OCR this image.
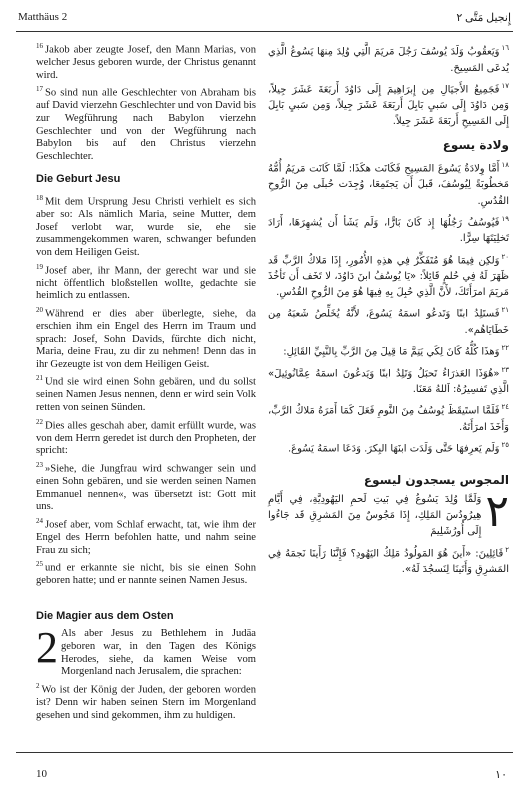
Matthäus 2	إِنجيل مَتَّى ٢

$^{16}$ Jakob aber zeugte Josef, den Mann Marias, von welcher Jesus geboren wurde, der Christus genannt wird.

$^{17}$ So sind nun alle Geschlechter von Abraham bis auf David vierzehn Geschlechter und von David bis zur Wegführung nach Babylon vierzehn Geschlechter und von der Wegführung nach Babylon bis auf den Christus vierzehn Geschlechter.

Die Geburt Jesu

$^{18}$ Mit dem Ursprung Jesu Christi verhielt es sich aber so: Als nämlich Maria, seine Mutter, dem Josef verlobt war, wurde sie, ehe sie zusammengekommen waren, schwanger befunden von dem Heiligen Geist.

$^{19}$ Josef aber, ihr Mann, der gerecht war und sie nicht öffentlich bloßstellen wollte, gedachte sie heimlich zu entlassen.

$^{20}$ Während er dies aber überlegte, siehe, da erschien ihm ein Engel des Herrn im Traum und sprach: Josef, Sohn Davids, fürchte dich nicht, Maria, deine Frau, zu dir zu nehmen! Denn das in ihr Gezeugte ist von dem Heiligen Geist.

$^{21}$ Und sie wird einen Sohn gebären, und du sollst seinen Namen Jesus nennen, denn er wird sein Volk retten von seinen Sünden.

$^{22}$ Dies alles geschah aber, damit erfüllt wurde, was von dem Herrn geredet ist durch den Propheten, der spricht:

$^{23}$ »Siehe, die Jungfrau wird schwanger sein und einen Sohn gebären, und sie werden seinen Namen Emmanuel nennen«, was übersetzt ist: Gott mit uns.

$^{24}$ Josef aber, vom Schlaf erwacht, tat, wie ihm der Engel des Herrn befohlen hatte, und nahm seine Frau zu sich;

$^{25}$ und er erkannte sie nicht, bis sie einen Sohn geboren hatte; und er nannte seinen Namen Jesus.

Die Magier aus dem Osten

2 Als aber Jesus zu Bethlehem in Judäa geboren war, in den Tagen des Königs Herodes, siehe, da kamen Weise vom Morgenland nach Jerusalem, die sprachen:

$^2$ Wo ist der König der Juden, der geboren worden ist? Denn wir haben seinen Stern im Morgenland gesehen und sind gekommen, ihm zu huldigen.

$^{١٦}$وَيَعقُوبُ وَلَدَ يُوسُفَ رَجُلَ مَريَمَ الَّتِي وُلِدَ مِنهَا يَسُوعُ الَّذِي يُدعَى المَسِيحَ.

$^{١٧}$فَجَمِيعُ الأَجيَالِ مِن إِبرَاهِيمَ إِلَى دَاوُدَ أَربَعَةَ عَشَرَ جِيلاً، وَمِن دَاوُدَ إِلَى سَبيِ بَابِلَ أَربَعَةَ عَشَرَ جِيلاً، وَمِن سَبيِ بَابِلَ إِلَى المَسِيحِ أَربَعَةَ عَشَرَ جِيلاً.

ولادة يسوع

$^{١٨}$أَمَّا وِلادَةُ يَسُوعَ المَسِيحِ فَكَانَت هكَذَا: لَمَّا كَانَت مَريَمُ أُمُّهُ مَخطُوبَةً لِيُوسُفَ، قَبلَ أَن يَجتَمِعَا، وُجِدَت حُبلَى مِنَ الرُّوحِ القُدُسِ.

$^{١٩}$فَيُوسُفُ رَجُلُهَا إِذ كَانَ بَارًّا، وَلَم يَشَأ أَن يُشهِرَهَا، أَرَادَ تَخلِيَتَهَا سِرًّا.

$^{٢٠}$وَلكِن فِيمَا هُوَ مُتَفَكِّرٌ فِي هذِهِ الأُمُورِ، إِذَا مَلاكُ الرَّبِّ قَد ظَهَرَ لَهُ فِي حُلمٍ قَائِلاً: «يَا يُوسُفُ ابنَ دَاوُدَ، لا تَخَف أَن تَأخُذَ مَريَمَ امرَأَتَكَ، لأَنَّ الَّذِي حُبِلَ بِهِ فِيهَا هُوَ مِنَ الرُّوحِ القُدُسِ.

$^{٢١}$فَستَلِدُ ابنًا وَتَدعُو اسمَهُ يَسُوعَ، لأَنَّهُ يُخَلِّصُ شَعبَهُ مِن خَطَايَاهُم».

$^{٢٢}$وَهذَا كُلُّهُ كَانَ لِكَي يَتِمَّ مَا قِيلَ مِنَ الرَّبِّ بِالنَّبِيِّ القَائِلِ:

$^{٢٣}$«هُوَذَا العَذرَاءُ تَحبَلُ وَتَلِدُ ابنًا وَيَدعُونَ اسمَهُ عِمَّانُوئِيلَ» الَّذِي تَفسِيرُهُ: اَللهُ مَعَنَا.

$^{٢٤}$فَلَمَّا استَيقَظَ يُوسُفُ مِنَ النَّومِ فَعَلَ كَمَا أَمَرَهُ مَلاكُ الرَّبِّ، وَأَخَذَ امرَأَتَهُ.

$^{٢٥}$وَلَم يَعرِفهَا حَتَّى وَلَدَت ابنَهَا البِكرَ. وَدَعَا اسمَهُ يَسُوعَ.

المجوس يسجدون ليسوع

٢
وَلَمَّا وُلِدَ يَسُوعُ فِي بَيتِ لَحمِ اليَهُودِيَّةِ، فِي أَيَّامِ هِيرُودُسَ المَلِكِ، إِذَا مَجُوسٌ مِنَ المَشرِقِ قَد جَاءُوا إِلَى أُورُشَلِيمَ

$^٢$قَائِلِينَ: «أَينَ هُوَ المَولُودُ مَلِكُ اليَهُودِ؟ فَإِنَّنَا رَأَينَا نَجمَهُ فِي المَشرِقِ وَأَتَينَا لِنَسجُدَ لَهُ».

10	١٠
